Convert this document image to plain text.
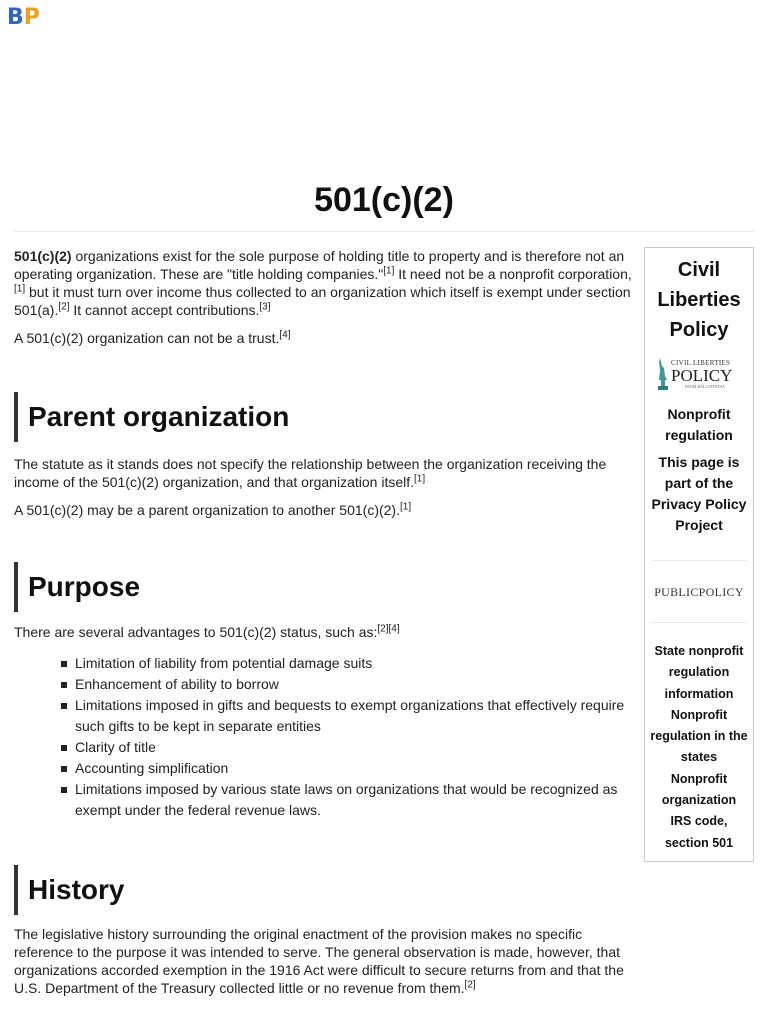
BP
501(c)(2)

501(c)(2) organizations exist for the sole purpose of holding title to property and is therefore not an operating organization. These are "title holding companies."[1] It need not be a nonprofit corporation,[1] but it must turn over income thus collected to an organization which itself is exempt under section 501(a).[2] It cannot accept contributions.[3]

A 501(c)(2) organization can not be a trust.[4]

Parent organization

The statute as it stands does not specify the relationship between the organization receiving the income of the 501(c)(2) organization, and that organization itself.[1]

A 501(c)(2) may be a parent organization to another 501(c)(2).[1]

Purpose

There are several advantages to 501(c)(2) status, such as:[2][4]

Limitation of liability from potential damage suits
Enhancement of ability to borrow
Limitations imposed in gifts and bequests to exempt organizations that effectively require such gifts to be kept in separate entities
Clarity of title
Accounting simplification
Limitations imposed by various state laws on organizations that would be recognized as exempt under the federal revenue laws.
History

The legislative history surrounding the original enactment of the provision makes no specific reference to the purpose it was intended to serve. The general observation is made, however, that organizations accorded exemption in the 1916 Act were difficult to secure returns from and that the U.S. Department of the Treasury collected little or no revenue from them.[2]

Civil Liberties Policy
CIVIL LIBERTIES
POLICY
FROM BALLOTPEDIA
Nonprofit regulation
This page is part of the Privacy Policy Project
PUBLICPOLICY
State nonprofit regulation information
Nonprofit regulation in the states
Nonprofit organization
IRS code, section 501
